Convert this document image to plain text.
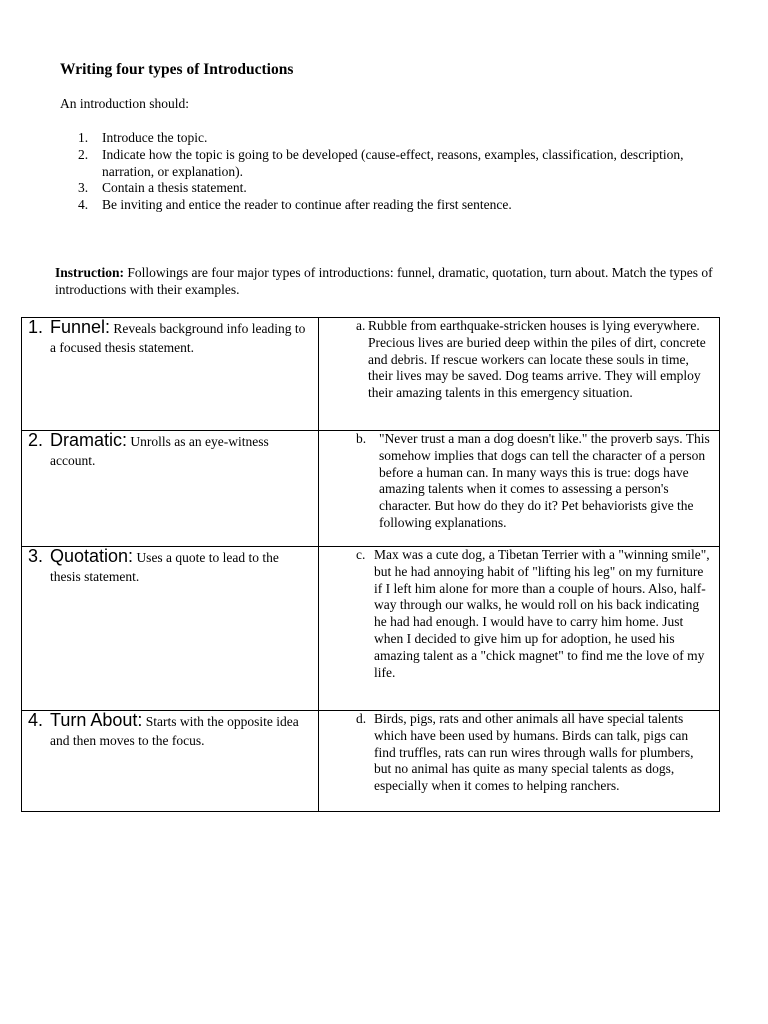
Writing four types of Introductions
An introduction should:
1.	Introduce the topic.
2.	Indicate how the topic is going to be developed (cause-effect, reasons, examples, classification, description, narration, or explanation).
3.	Contain a thesis statement.
4.	Be inviting and entice the reader to continue after reading the first sentence.
Instruction: Followings are four major types of introductions: funnel, dramatic, quotation, turn about. Match the types of introductions with their examples.
1. Funnel: Reveals background info leading to a focused thesis statement.	a. Rubble from earthquake-stricken houses is lying everywhere. Precious lives are buried deep within the piles of dirt, concrete and debris. If rescue workers can locate these souls in time, their lives may be saved. Dog teams arrive. They will employ their amazing talents in this emergency situation.

2. Dramatic: Unrolls as an eye-witness account.	b. "Never trust a man a dog doesn't like." the proverb says. This somehow implies that dogs can tell the character of a person before a human can. In many ways this is true: dogs have amazing talents when it comes to assessing a person's character. But how do they do it? Pet behaviorists give the following explanations.

3. Quotation: Uses a quote to lead to the thesis statement.	c. Max was a cute dog, a Tibetan Terrier with a "winning smile", but he had annoying habit of "lifting his leg" on my furniture if I left him alone for more than a couple of hours. Also, half-way through our walks, he would roll on his back indicating he had had enough. I would have to carry him home. Just when I decided to give him up for adoption, he used his amazing talent as a "chick magnet" to find me the love of my life.

4. Turn About: Starts with the opposite idea and then moves to the focus.	d. Birds, pigs, rats and other animals all have special talents which have been used by humans. Birds can talk, pigs can find truffles, rats can run wires through walls for plumbers, but no animal has quite as many special talents as dogs, especially when it comes to helping ranchers.
